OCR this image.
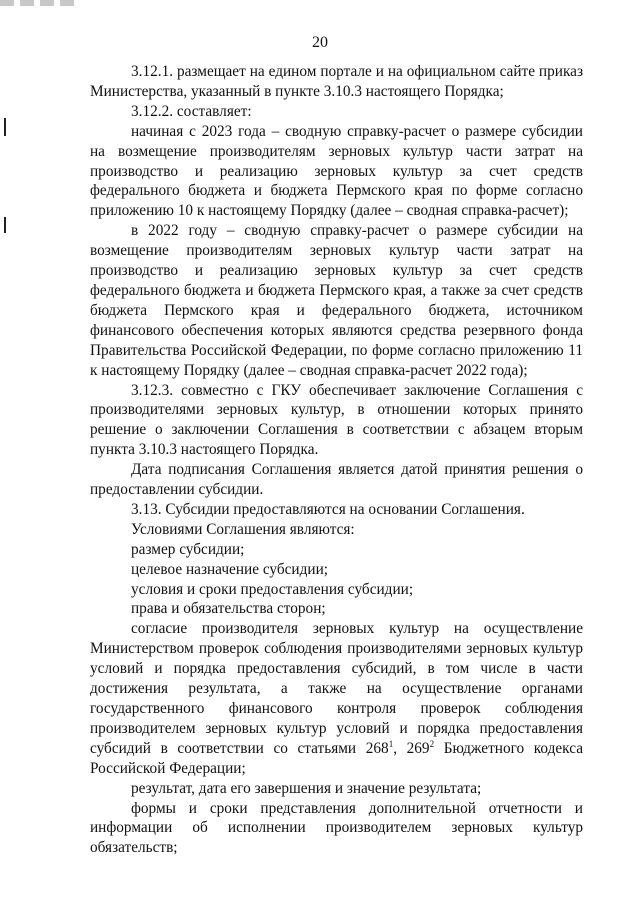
20

3.12.1. размещает на едином портале и на официальном сайте приказ Министерства, указанный в пункте 3.10.3 настоящего Порядка;

3.12.2. составляет:

начиная с 2023 года – сводную справку-расчет о размере субсидии на возмещение производителям зерновых культур части затрат на производство и реализацию зерновых культур за счет средств федерального бюджета и бюджета Пермского края по форме согласно приложению 10 к настоящему Порядку (далее – сводная справка-расчет);

в 2022 году – сводную справку-расчет о размере субсидии на возмещение производителям зерновых культур части затрат на производство и реализацию зерновых культур за счет средств федерального бюджета и бюджета Пермского края, а также за счет средств бюджета Пермского края и федерального бюджета, источником финансового обеспечения которых являются средства резервного фонда Правительства Российской Федерации, по форме согласно приложению 11 к настоящему Порядку (далее – сводная справка-расчет 2022 года);

3.12.3. совместно с ГКУ обеспечивает заключение Соглашения с производителями зерновых культур, в отношении которых принято решение о заключении Соглашения в соответствии с абзацем вторым пункта 3.10.3 настоящего Порядка.

Дата подписания Соглашения является датой принятия решения о предоставлении субсидии.

3.13. Субсидии предоставляются на основании Соглашения.

Условиями Соглашения являются:

размер субсидии;

целевое назначение субсидии;

условия и сроки предоставления субсидии;

права и обязательства сторон;

согласие производителя зерновых культур на осуществление Министерством проверок соблюдения производителями зерновых культур условий и порядка предоставления субсидий, в том числе в части достижения результата, а также на осуществление органами государственного финансового контроля проверок соблюдения производителем зерновых культур условий и порядка предоставления субсидий в соответствии со статьями $268^1$, $269^2$ Бюджетного кодекса Российской Федерации;

результат, дата его завершения и значение результата;

формы и сроки представления дополнительной отчетности и информации об исполнении производителем зерновых культур обязательств;
